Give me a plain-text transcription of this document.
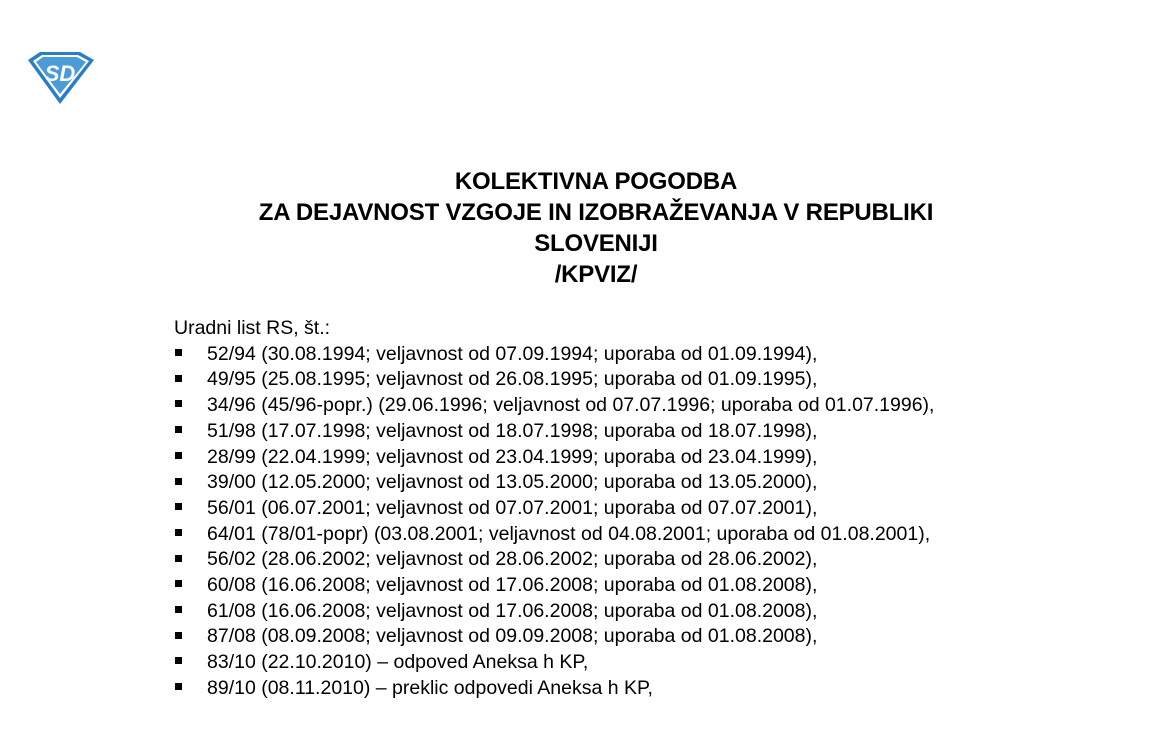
SD
KOLEKTIVNA POGODBA
ZA DEJAVNOST VZGOJE IN IZOBRAŽEVANJA V REPUBLIKI
SLOVENIJI
/KPVIZ/
Uradni list RS, št.:
52/94 (30.08.1994; veljavnost od 07.09.1994; uporaba od 01.09.1994),
49/95 (25.08.1995; veljavnost od 26.08.1995; uporaba od 01.09.1995),
34/96 (45/96-popr.) (29.06.1996; veljavnost od 07.07.1996; uporaba od 01.07.1996),
51/98 (17.07.1998; veljavnost od 18.07.1998; uporaba od 18.07.1998),
28/99 (22.04.1999; veljavnost od 23.04.1999; uporaba od 23.04.1999),
39/00 (12.05.2000; veljavnost od 13.05.2000; uporaba od 13.05.2000),
56/01 (06.07.2001; veljavnost od 07.07.2001; uporaba od 07.07.2001),
64/01 (78/01-popr) (03.08.2001; veljavnost od 04.08.2001; uporaba od 01.08.2001),
56/02 (28.06.2002; veljavnost od 28.06.2002; uporaba od 28.06.2002),
60/08 (16.06.2008; veljavnost od 17.06.2008; uporaba od 01.08.2008),
61/08 (16.06.2008; veljavnost od 17.06.2008; uporaba od 01.08.2008),
87/08 (08.09.2008; veljavnost od 09.09.2008; uporaba od 01.08.2008),
83/10 (22.10.2010) – odpoved Aneksa h KP,
89/10 (08.11.2010) – preklic odpovedi Aneksa h KP,
